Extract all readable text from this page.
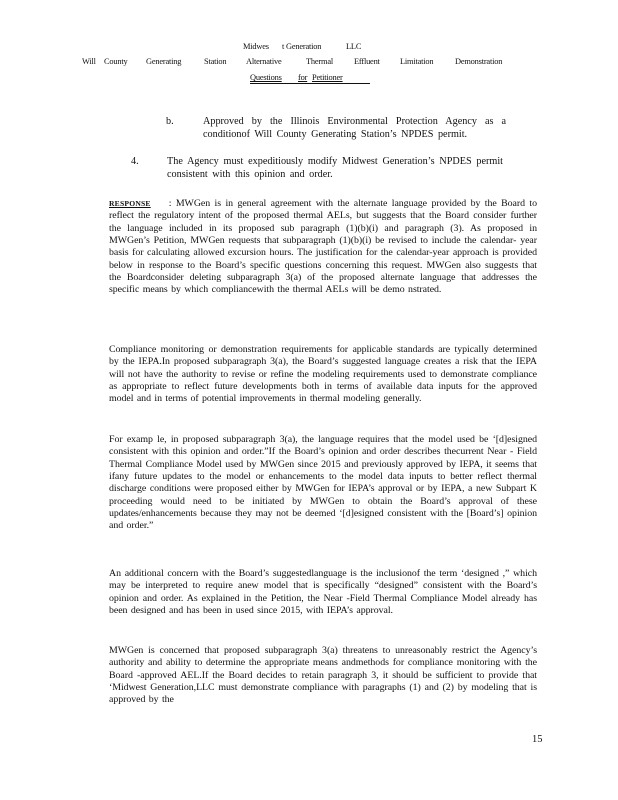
Midwes t Generation	LLC
Will County Generating	Station Alternative	Thermal	Effluent Limitation	Demonstration
Questions for Petitioner
b.	Approved by the Illinois Environmental Protection Agency as a conditionof Will County Generating Station’s NPDES permit.
4.	The Agency must expeditiously modify Midwest Generation’s NPDES permit consistent with this opinion and order.
RESPONSE : MWGen is in general agreement with the alternate language provided by the Board to reflect the regulatory intent of the proposed thermal AELs, but suggests that the Board consider further the language included in its proposed sub paragraph (1)(b)(i) and paragraph (3). As proposed in MWGen’s Petition, MWGen requests that subparagraph (1)(b)(i) be revised to include the calendar- year basis for calculating allowed excursion hours. The justification for the calendar-year approach is provided below in response to the Board’s specific questions concerning this request. MWGen also suggests that the Boardconsider deleting subparagraph 3(a) of the proposed alternate language that addresses the specific means by which compliancewith the thermal AELs will be demo nstrated.
Compliance monitoring or demonstration requirements for applicable standards are typically determined by the IEPA.In proposed subparagraph 3(a), the Board’s suggested language creates a risk that the IEPA will not have the authority to revise or refine the modeling requirements used to demonstrate compliance as appropriate to reflect future developments both in terms of available data inputs for the approved model and in terms of potential improvements in thermal modeling generally.
For examp le, in proposed subparagraph 3(a), the language requires that the model used be ‘[d]esigned consistent with this opinion and order.”If the Board’s opinion and order describes thecurrent Near - Field Thermal Compliance Model used by MWGen since 2015 and previously approved by IEPA, it seems that ifany future updates to the model or enhancements to the model data inputs to better reflect thermal discharge conditions were proposed either by MWGen for IEPA’s approval or by IEPA, a new Subpart K proceeding would need to be initiated by MWGen to obtain the Board’s approval of these updates/enhancements because they may not be deemed ‘[d]esigned consistent with the [Board’s] opinion and order.”
An additional concern with the Board’s suggestedlanguage is the inclusionof the term ‘designed ,” which may be interpreted to require anew model that is specifically “designed” consistent with the Board’s opinion and order. As explained in the Petition, the Near -Field Thermal Compliance Model already has been designed and has been in used since 2015, with IEPA’s approval.
MWGen is concerned that proposed subparagraph 3(a) threatens to unreasonably restrict the Agency’s authority and ability to determine the appropriate means andmethods for compliance monitoring with the Board -approved AEL.If the Board decides to retain paragraph 3, it should be sufficient to provide that ‘Midwest Generation,LLC must demonstrate compliance with paragraphs (1) and (2) by modeling that is approved by the
15
